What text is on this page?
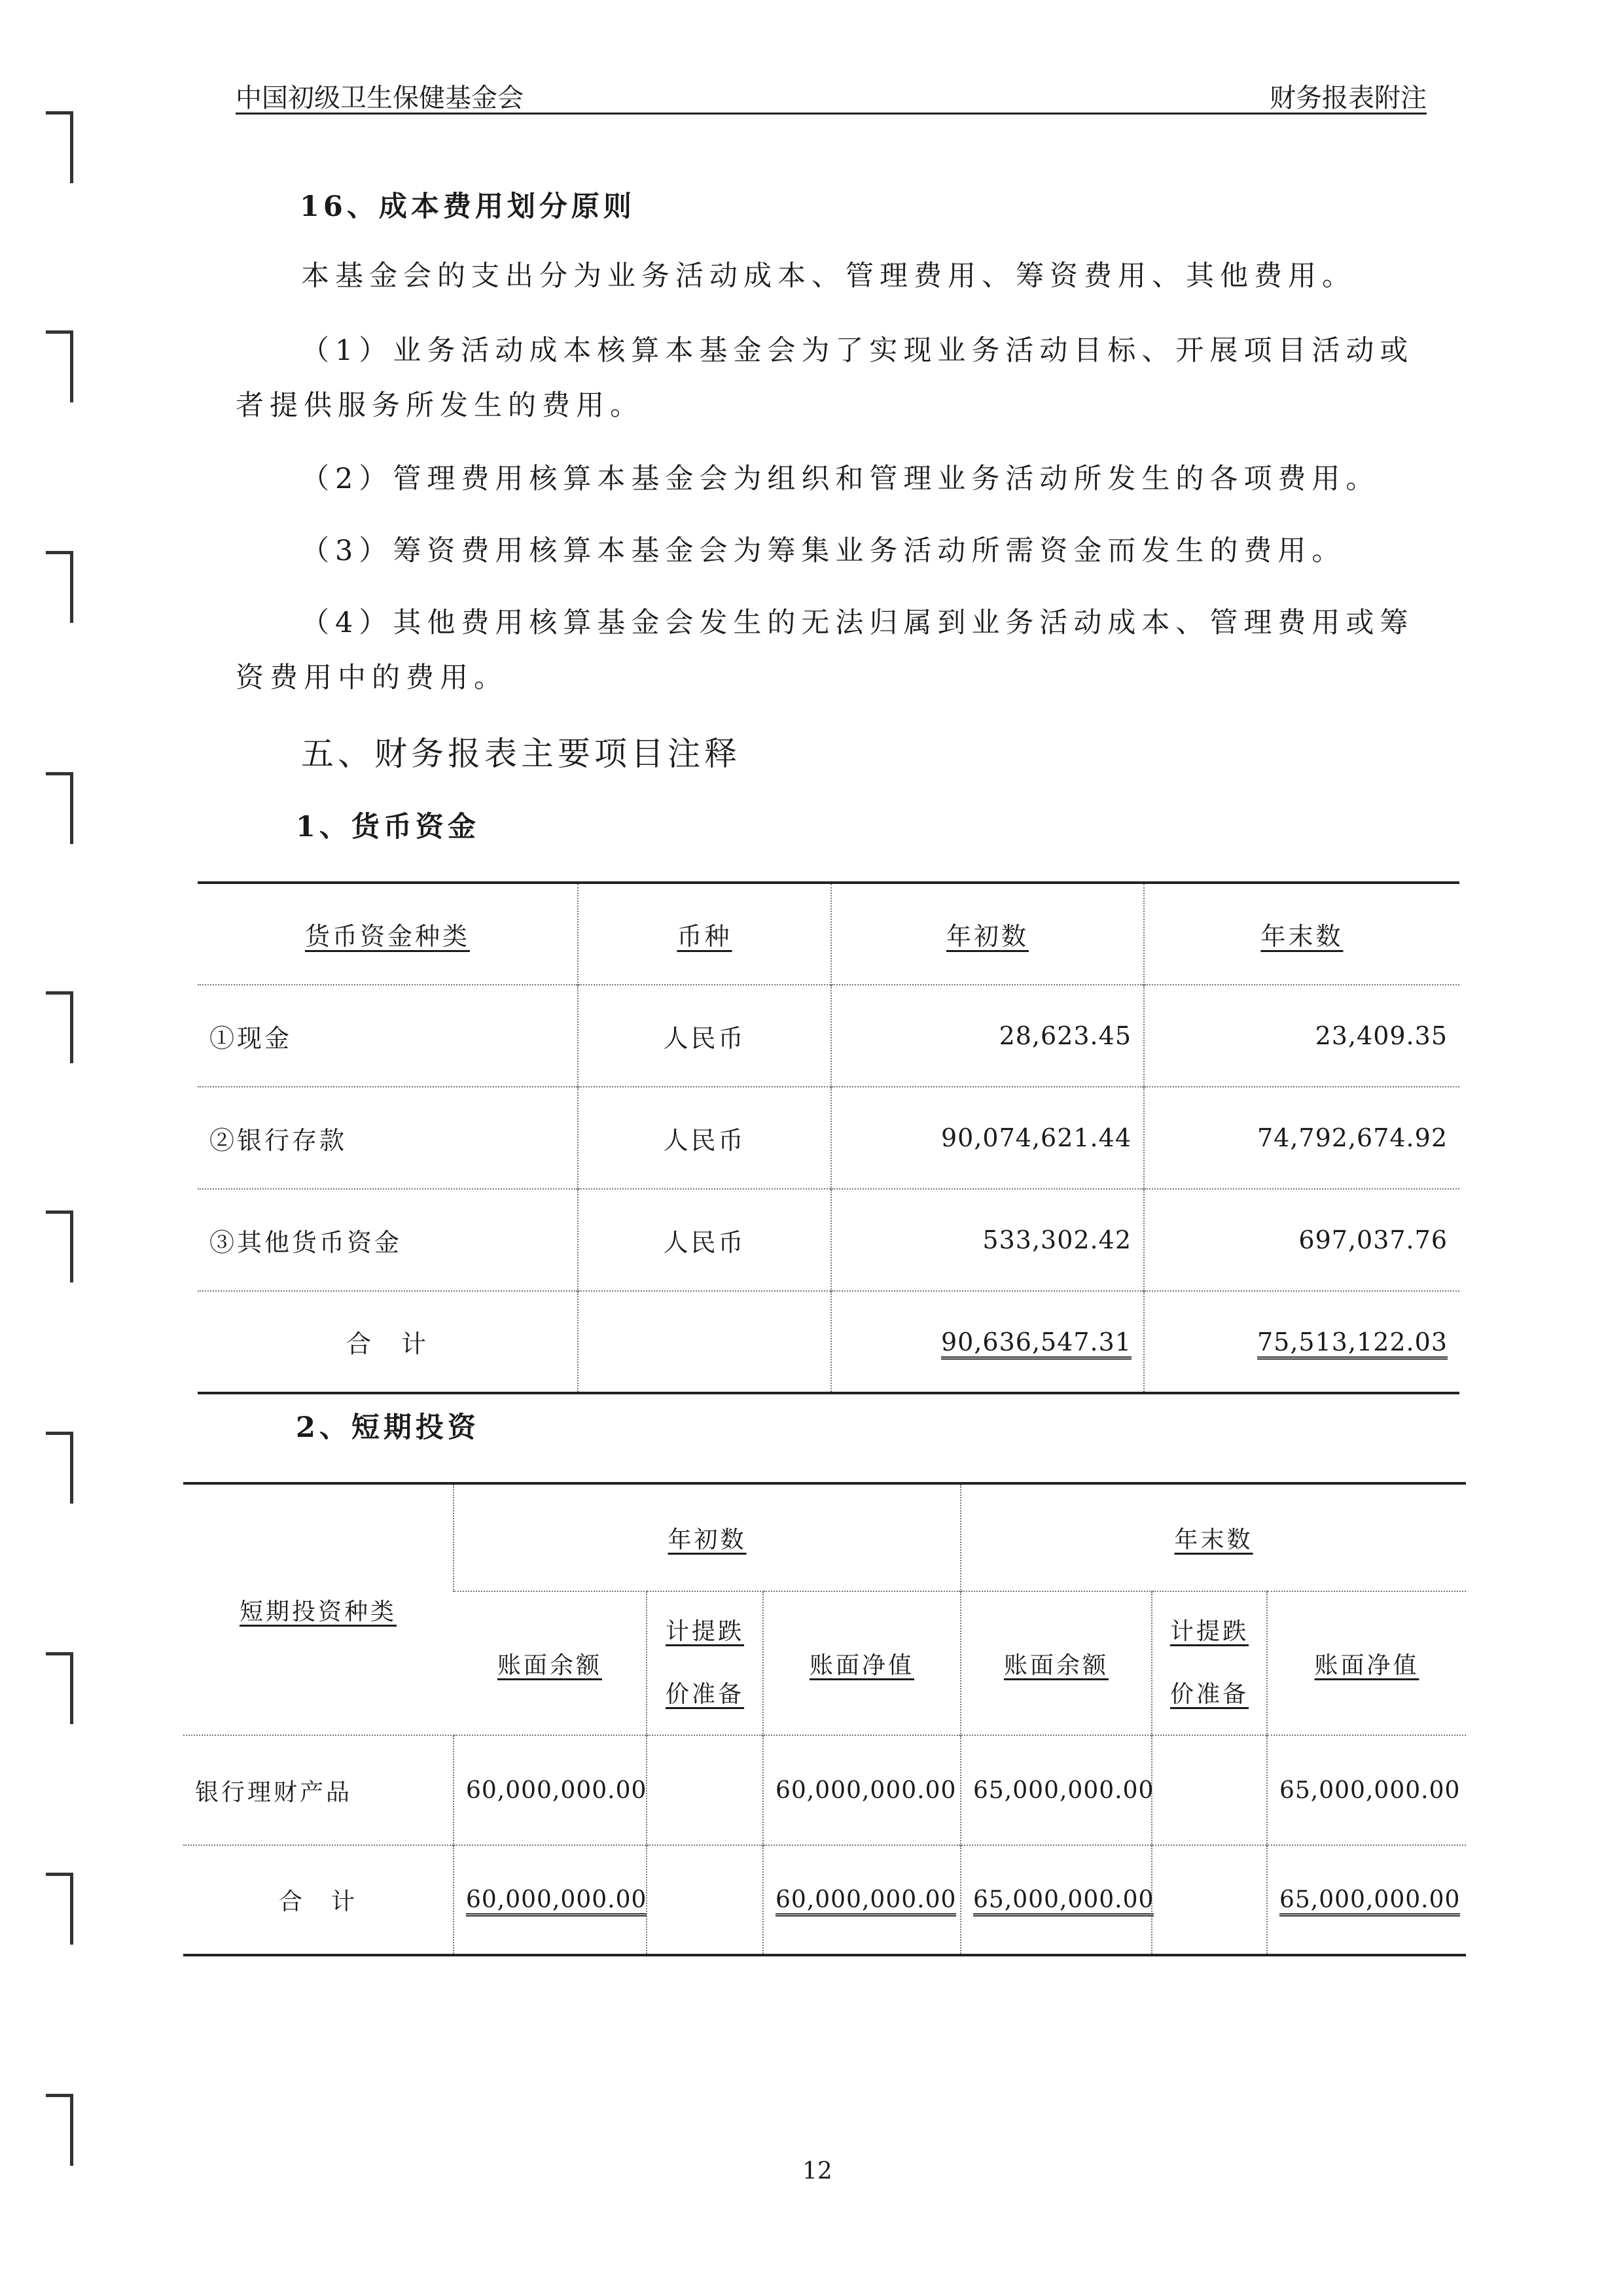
中国初级卫生保健基金会	财务报表附注
16、成本费用划分原则
本基金会的支出分为业务活动成本、管理费用、筹资费用、其他费用。
（1）业务活动成本核算本基金会为了实现业务活动目标、开展项目活动或
者提供服务所发生的费用。
（2）管理费用核算本基金会为组织和管理业务活动所发生的各项费用。
（3）筹资费用核算本基金会为筹集业务活动所需资金而发生的费用。
（4）其他费用核算基金会发生的无法归属到业务活动成本、管理费用或筹
资费用中的费用。
五、财务报表主要项目注释
1、货币资金
货币资金种类	币种	年初数	年末数
①现金	人民币	28,623.45	23,409.35
②银行存款	人民币	90,074,621.44	74,792,674.92
③其他货币资金	人民币	533,302.42	697,037.76
合　计		90,636,547.31	75,513,122.03
2、短期投资
短期投资种类	年初数			年末数		
	账面余额	计提跌
价准备	账面净值	账面余额	计提跌
价准备	账面净值
银行理财产品	60,000,000.00		60,000,000.00	65,000,000.00		65,000,000.00
合　计	60,000,000.00		60,000,000.00	65,000,000.00		65,000,000.00
12
